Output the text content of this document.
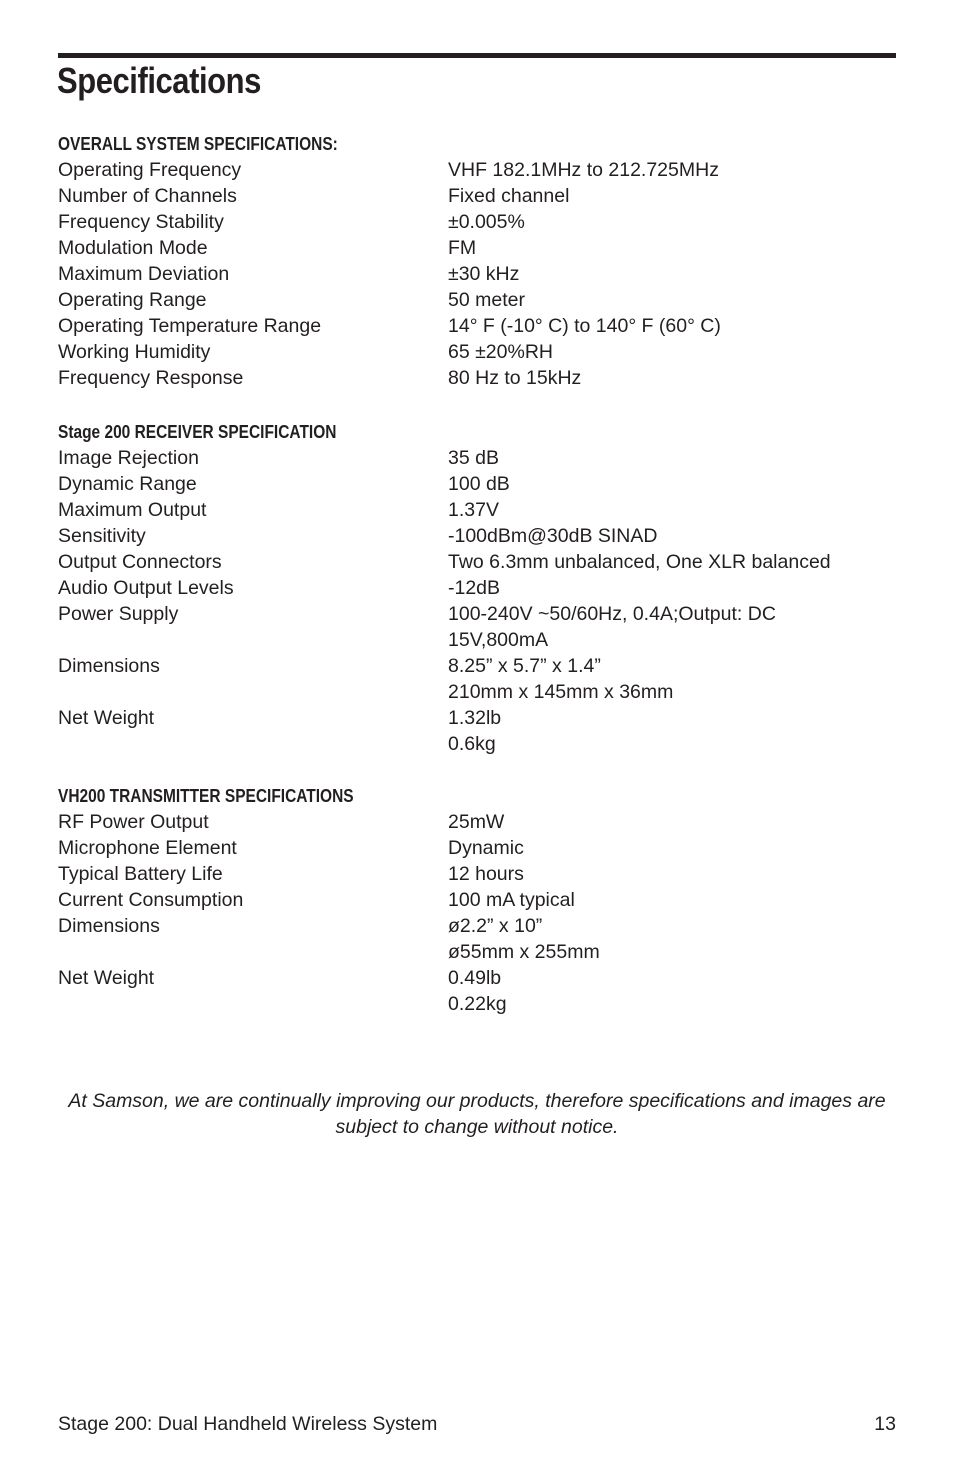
Specifications
OVERALL SYSTEM SPECIFICATIONS:
Operating Frequency	VHF 182.1MHz to 212.725MHz
Number of Channels	Fixed channel
Frequency Stability	±0.005%
Modulation Mode	FM
Maximum Deviation	±30 kHz
Operating Range	50 meter
Operating Temperature Range	14° F (-10° C) to 140° F (60° C)
Working Humidity	65 ±20%RH
Frequency Response	80 Hz to 15kHz
Stage 200 RECEIVER SPECIFICATION
Image Rejection	35 dB
Dynamic Range	100 dB
Maximum Output	1.37V
Sensitivity	-100dBm@30dB SINAD
Output Connectors	Two 6.3mm unbalanced, One XLR balanced
Audio Output Levels	-12dB
Power Supply	100-240V ~50/60Hz, 0.4A;Output: DC
15V,800mA
Dimensions	8.25” x 5.7” x 1.4”
210mm x 145mm x 36mm
Net Weight	1.32lb
0.6kg
VH200 TRANSMITTER SPECIFICATIONS
RF Power Output	25mW
Microphone Element	Dynamic
Typical Battery Life	12 hours
Current Consumption	100 mA typical
Dimensions	ø2.2” x 10”
ø55mm x 255mm
Net Weight	0.49lb
0.22kg

At Samson, we are continually improving our products, therefore specifications and images are subject to change without notice.

Stage 200: Dual Handheld Wireless System	13
